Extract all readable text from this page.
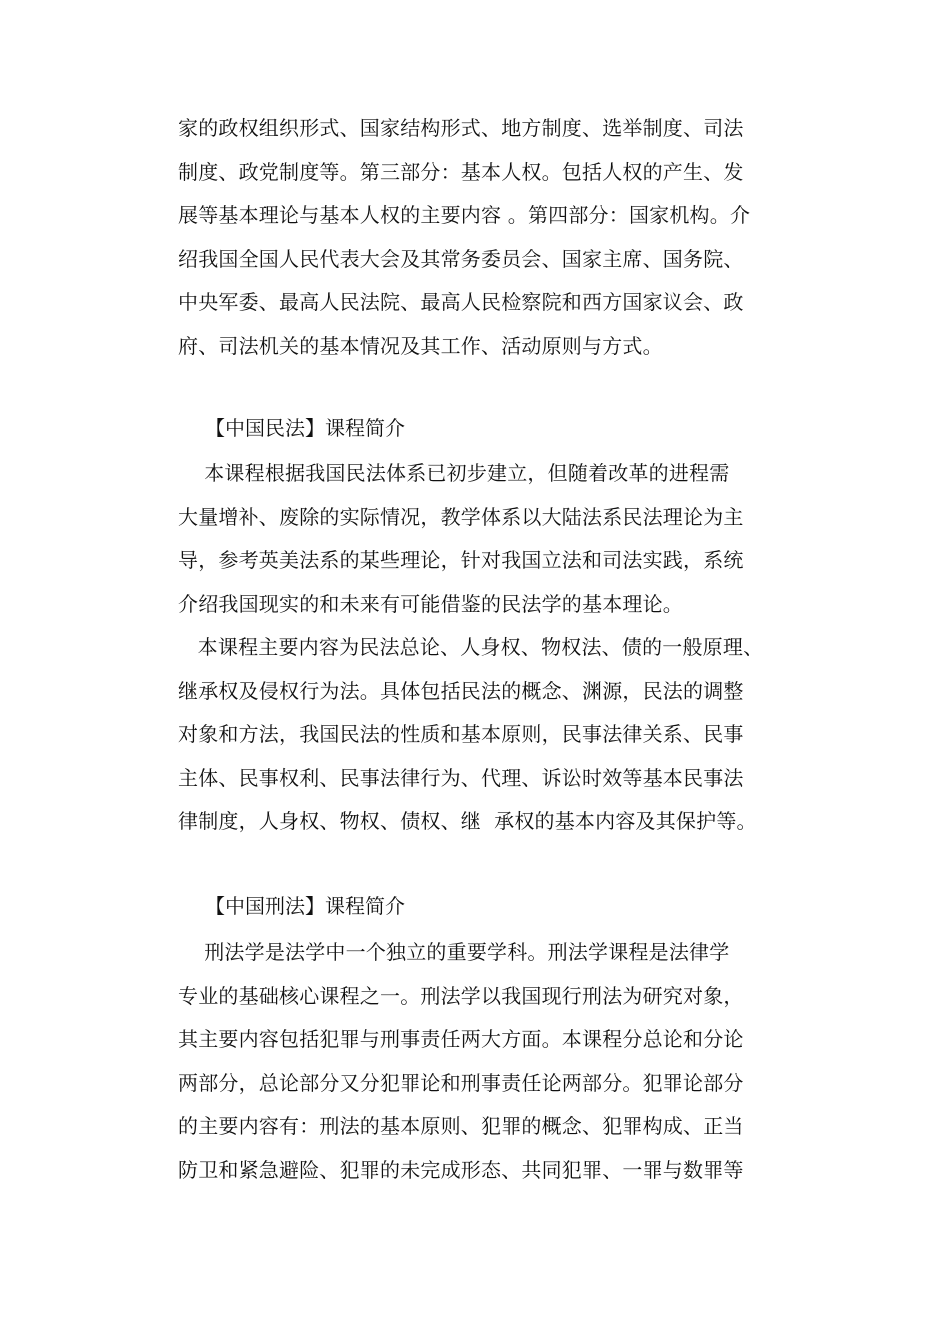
家的政权组织形式、国家结构形式、地方制度、选举制度、司法
制度、政党制度等。第三部分：基本人权。包括人权的产生、发
展等基本理论与基本人权的主要内容 。第四部分：国家机构。介
绍我国全国人民代表大会及其常务委员会、国家主席、国务院、
中央军委、最高人民法院、最高人民检察院和西方国家议会、政
府、司法机关的基本情况及其工作、活动原则与方式。
【中国民法】课程简介
本课程根据我国民法体系已初步建立，但随着改革的进程需
大量增补、废除的实际情况，教学体系以大陆法系民法理论为主
导，参考英美法系的某些理论，针对我国立法和司法实践，系统
介绍我国现实的和未来有可能借鉴的民法学的基本理论。
本课程主要内容为民法总论、人身权、物权法、债的一般原理、
继承权及侵权行为法。具体包括民法的概念、渊源，民法的调整
对象和方法，我国民法的性质和基本原则，民事法律关系、民事
主体、民事权利、民事法律行为、代理、诉讼时效等基本民事法
律制度，人身权、物权、债权、继  承权的基本内容及其保护等。
【中国刑法】课程简介
刑法学是法学中一个独立的重要学科。刑法学课程是法律学
专业的基础核心课程之一。刑法学以我国现行刑法为研究对象，
其主要内容包括犯罪与刑事责任两大方面。本课程分总论和分论
两部分，总论部分又分犯罪论和刑事责任论两部分。犯罪论部分
的主要内容有：刑法的基本原则、犯罪的概念、犯罪构成、正当
防卫和紧急避险、犯罪的未完成形态、共同犯罪、一罪与数罪等
